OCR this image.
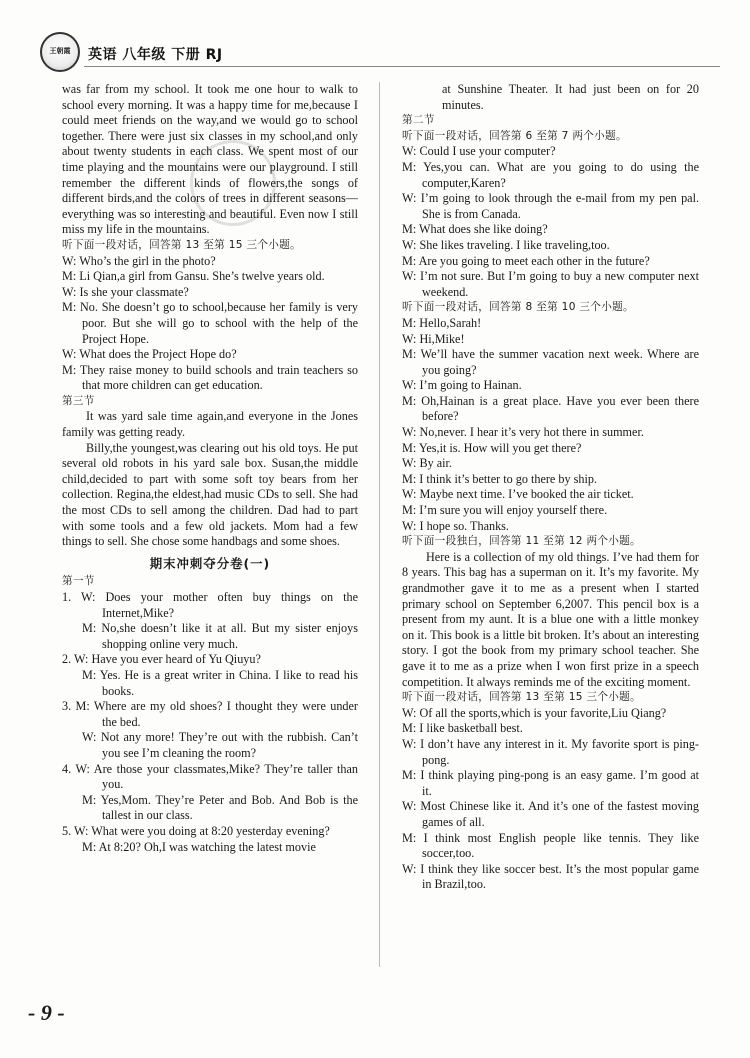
王朝霞 英语 八年级 下册 RJ

was far from my school. It took me one hour to walk to school every morning. It was a happy time for me,because I could meet friends on the way,and we would go to school together. There were just six classes in my school,and only about twenty students in each class. We spent most of our time playing and the mountains were our playground. I still remember the different kinds of flowers,the songs of different birds,and the colors of trees in different seasons—everything was so interesting and beautiful. Even now I still miss my life in the mountains.

听下面一段对话，回答第 13 至第 15 三个小题。

W: Who’s the girl in the photo?

M: Li Qian,a girl from Gansu. She’s twelve years old.

W: Is she your classmate?

M: No. She doesn’t go to school,because her family is very poor. But she will go to school with the help of the Project Hope.

W: What does the Project Hope do?

M: They raise money to build schools and train teachers so that more children can get education.

第三节

It was yard sale time again,and everyone in the Jones family was getting ready.

Billy,the youngest,was clearing out his old toys. He put several old robots in his yard sale box. Susan,the middle child,decided to part with some soft toy bears from her collection. Regina,the eldest,had music CDs to sell. She had the most CDs to sell among the children. Dad had to part with some tools and a few old jackets. Mom had a few things to sell. She chose some handbags and some shoes.

期末冲刺夺分卷(一)

第一节

1. W: Does your mother often buy things on the Internet,Mike?

M: No,she doesn’t like it at all. But my sister enjoys shopping online very much.

2. W: Have you ever heard of Yu Qiuyu?

M: Yes. He is a great writer in China. I like to read his books.

3. M: Where are my old shoes? I thought they were under the bed.

W: Not any more! They’re out with the rubbish. Can’t you see I’m cleaning the room?

4. W: Are those your classmates,Mike? They’re taller than you.

M: Yes,Mom. They’re Peter and Bob. And Bob is the tallest in our class.

5. W: What were you doing at 8:20 yesterday evening?

M: At 8:20? Oh,I was watching the latest movie

at Sunshine Theater. It had just been on for 20 minutes.

第二节

听下面一段对话，回答第 6 至第 7 两个小题。

W: Could I use your computer?

M: Yes,you can. What are you going to do using the computer,Karen?

W: I’m going to look through the e-mail from my pen pal. She is from Canada.

M: What does she like doing?

W: She likes traveling. I like traveling,too.

M: Are you going to meet each other in the future?

W: I’m not sure. But I’m going to buy a new computer next weekend.

听下面一段对话，回答第 8 至第 10 三个小题。

M: Hello,Sarah!

W: Hi,Mike!

M: We’ll have the summer vacation next week. Where are you going?

W: I’m going to Hainan.

M: Oh,Hainan is a great place. Have you ever been there before?

W: No,never. I hear it’s very hot there in summer.

M: Yes,it is. How will you get there?

W: By air.

M: I think it’s better to go there by ship.

W: Maybe next time. I’ve booked the air ticket.

M: I’m sure you will enjoy yourself there.

W: I hope so. Thanks.

听下面一段独白，回答第 11 至第 12 两个小题。

Here is a collection of my old things. I’ve had them for 8 years. This bag has a superman on it. It’s my favorite. My grandmother gave it to me as a present when I started primary school on September 6,2007. This pencil box is a present from my aunt. It is a blue one with a little monkey on it. This book is a little bit broken. It’s about an interesting story. I got the book from my primary school teacher. She gave it to me as a prize when I won first prize in a speech competition. It always reminds me of the exciting moment.

听下面一段对话，回答第 13 至第 15 三个小题。

W: Of all the sports,which is your favorite,Liu Qiang?

M: I like basketball best.

W: I don’t have any interest in it. My favorite sport is ping-pong.

M: I think playing ping-pong is an easy game. I’m good at it.

W: Most Chinese like it. And it’s one of the fastest moving games of all.

M: I think most English people like tennis. They like soccer,too.

W: I think they like soccer best. It’s the most popular game in Brazil,too.

- 9 -
